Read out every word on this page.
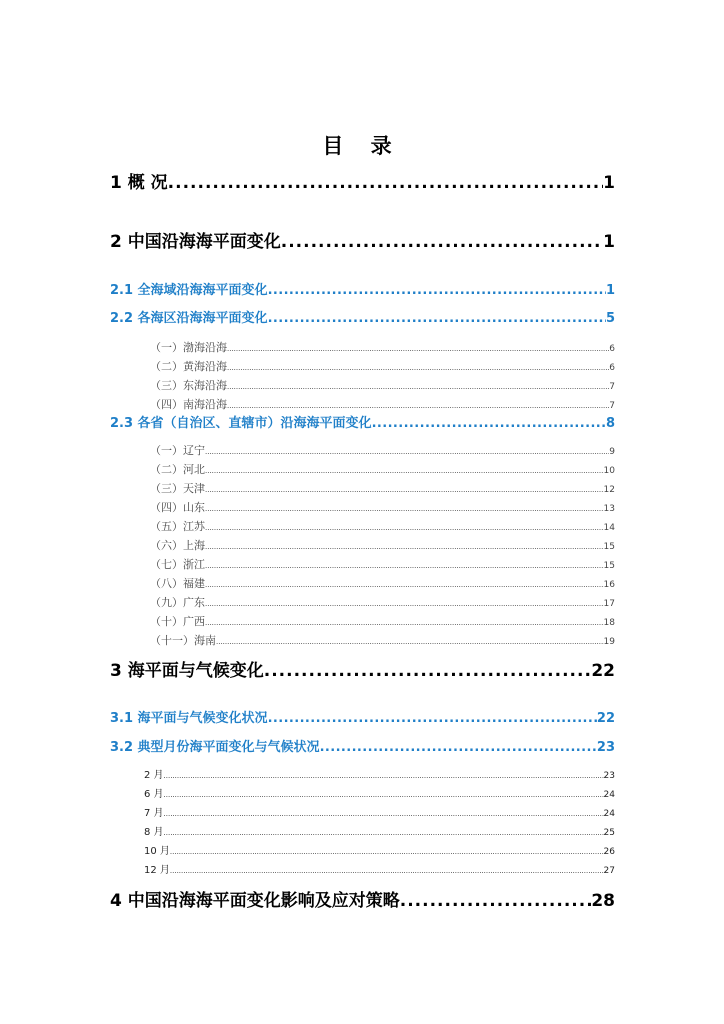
目 录
1 概 况 .....	1
2 中国沿海海平面变化 .....	1
2.1 全海域沿海海平面变化 .....	1
2.2 各海区沿海海平面变化 .....	5
（一）渤海沿海 .....	6
（二）黄海沿海 .....	6
（三）东海沿海 .....	7
（四）南海沿海 .....	7
2.3 各省（自治区、直辖市）沿海海平面变化 .....	8
（一）辽宁 .....	9
（二）河北 .....	10
（三）天津 .....	12
（四）山东 .....	13
（五）江苏 .....	14
（六）上海 .....	15
（七）浙江 .....	15
（八）福建 .....	16
（九）广东 .....	17
（十）广西 .....	18
（十一）海南 .....	19
3 海平面与气候变化 .....	22
3.1 海平面与气候变化状况 .....	22
3.2 典型月份海平面变化与气候状况 .....	23
2 月 .....	23
6 月 .....	24
7 月 .....	24
8 月 .....	25
10 月 .....	26
12 月 .....	27
4 中国沿海海平面变化影响及应对策略 .....	28
